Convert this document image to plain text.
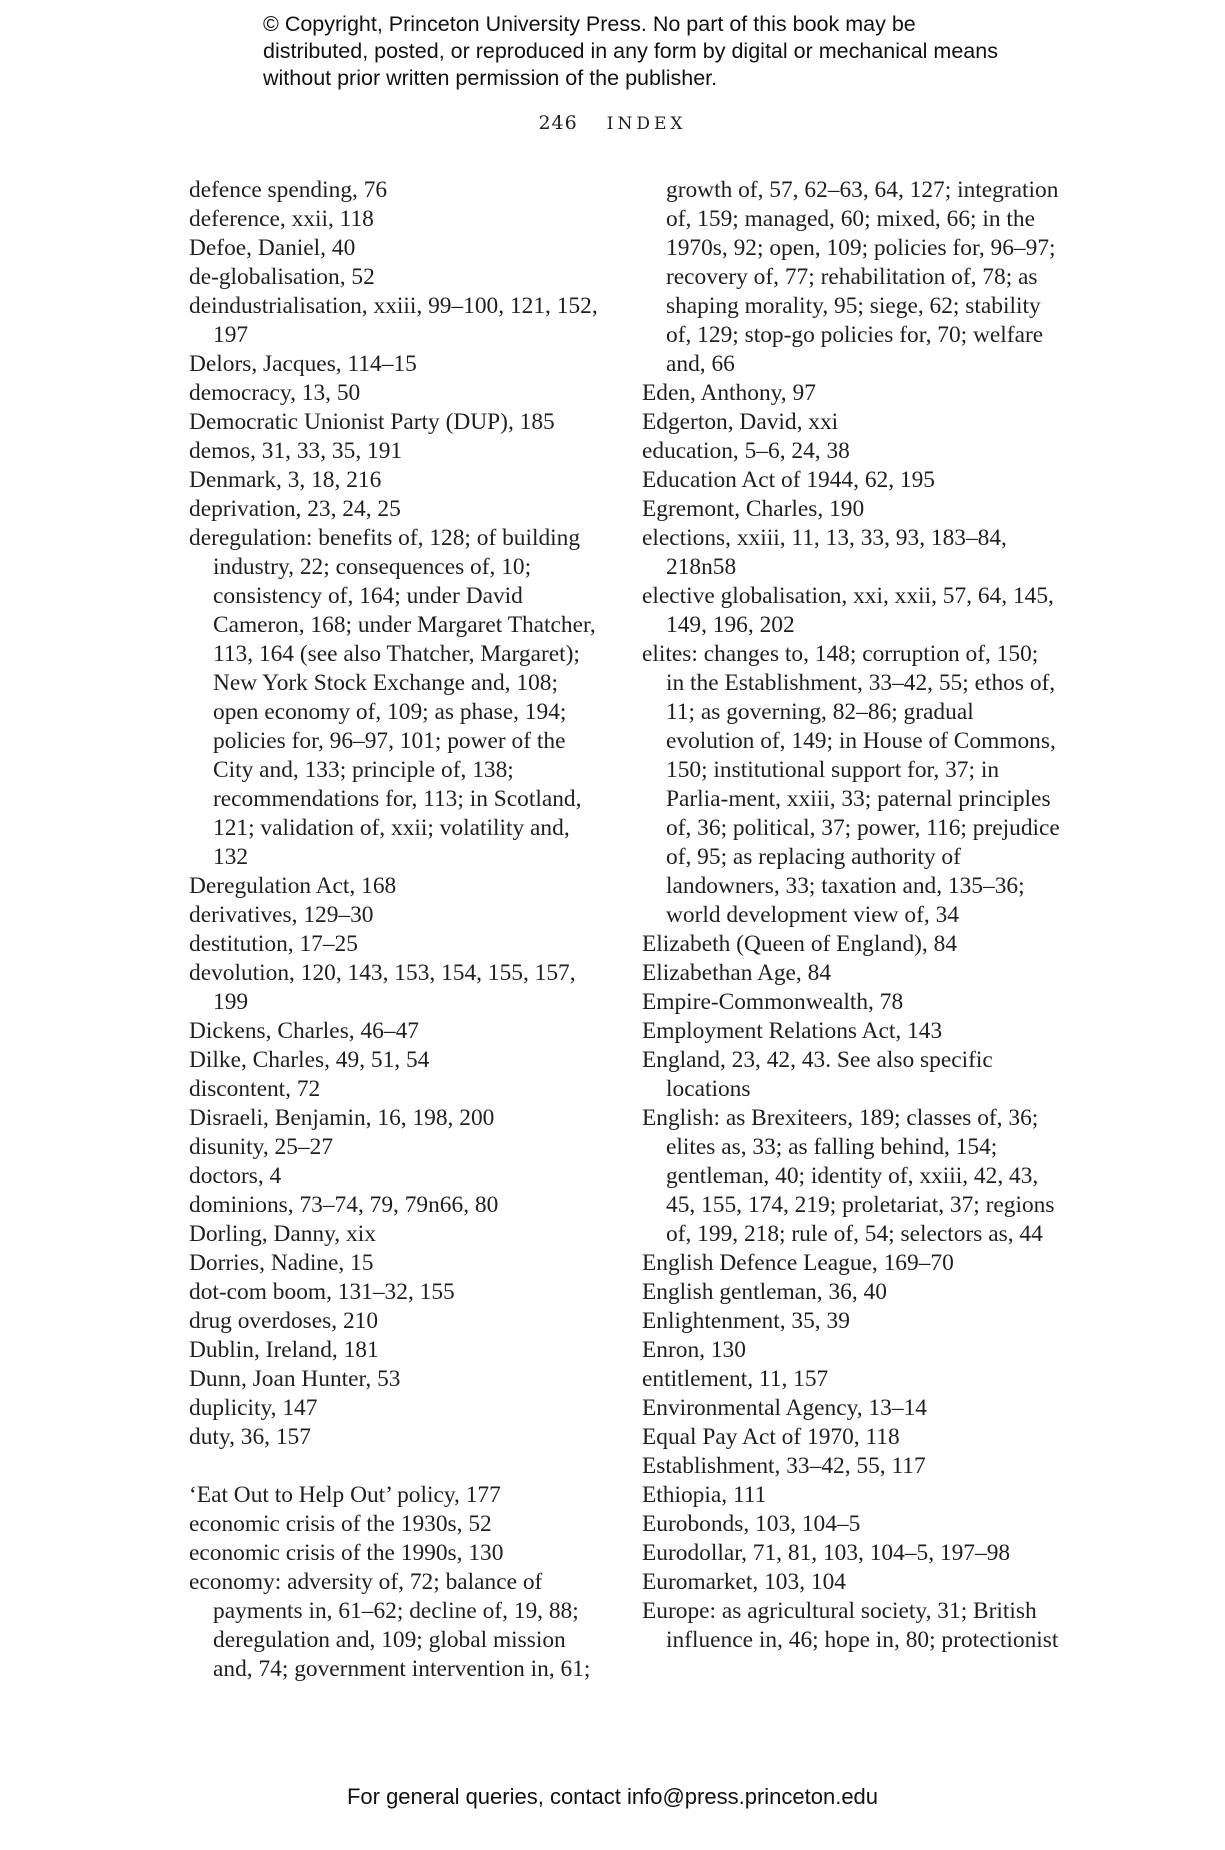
© Copyright, Princeton University Press. No part of this book may be distributed, posted, or reproduced in any form by digital or mechanical means without prior written permission of the publisher.
246 INDEX

defence spending, 76

deference, xxii, 118

Defoe, Daniel, 40

de-globalisation, 52

deindustrialisation, xxiii, 99–100, 121, 152, 197

Delors, Jacques, 114–15

democracy, 13, 50

Democratic Unionist Party (DUP), 185

demos, 31, 33, 35, 191

Denmark, 3, 18, 216

deprivation, 23, 24, 25

deregulation: benefits of, 128; of building industry, 22; consequences of, 10; consistency of, 164; under David Cameron, 168; under Margaret Thatcher, 113, 164 (see also Thatcher, Margaret); New York Stock Exchange and, 108; open economy of, 109; as phase, 194; policies for, 96–97, 101; power of the City and, 133; principle of, 138; recommendations for, 113; in Scotland, 121; validation of, xxii; volatility and, 132

Deregulation Act, 168

derivatives, 129–30

destitution, 17–25

devolution, 120, 143, 153, 154, 155, 157, 199

Dickens, Charles, 46–47

Dilke, Charles, 49, 51, 54

discontent, 72

Disraeli, Benjamin, 16, 198, 200

disunity, 25–27

doctors, 4

dominions, 73–74, 79, 79n66, 80

Dorling, Danny, xix

Dorries, Nadine, 15

dot-com boom, 131–32, 155

drug overdoses, 210

Dublin, Ireland, 181

Dunn, Joan Hunter, 53

duplicity, 147

duty, 36, 157

‘Eat Out to Help Out’ policy, 177

economic crisis of the 1930s, 52

economic crisis of the 1990s, 130

economy: adversity of, 72; balance of payments in, 61–62; decline of, 19, 88; deregulation and, 109; global mission and, 74; government intervention in, 61;

growth of, 57, 62–63, 64, 127; integration of, 159; managed, 60; mixed, 66; in the 1970s, 92; open, 109; policies for, 96–97; recovery of, 77; rehabilitation of, 78; as shaping morality, 95; siege, 62; stability of, 129; stop-go policies for, 70; welfare and, 66

Eden, Anthony, 97

Edgerton, David, xxi

education, 5–6, 24, 38

Education Act of 1944, 62, 195

Egremont, Charles, 190

elections, xxiii, 11, 13, 33, 93, 183–84, 218n58

elective globalisation, xxi, xxii, 57, 64, 145, 149, 196, 202

elites: changes to, 148; corruption of, 150; in the Establishment, 33–42, 55; ethos of, 11; as governing, 82–86; gradual evolution of, 149; in House of Commons, 150; institutional support for, 37; in Parlia-ment, xxiii, 33; paternal principles of, 36; political, 37; power, 116; prejudice of, 95; as replacing authority of landowners, 33; taxation and, 135–36; world development view of, 34

Elizabeth (Queen of England), 84

Elizabethan Age, 84

Empire-Commonwealth, 78

Employment Relations Act, 143

England, 23, 42, 43. See also specific locations

English: as Brexiteers, 189; classes of, 36; elites as, 33; as falling behind, 154; gentleman, 40; identity of, xxiii, 42, 43, 45, 155, 174, 219; proletariat, 37; regions of, 199, 218; rule of, 54; selectors as, 44

English Defence League, 169–70

English gentleman, 36, 40

Enlightenment, 35, 39

Enron, 130

entitlement, 11, 157

Environmental Agency, 13–14

Equal Pay Act of 1970, 118

Establishment, 33–42, 55, 117

Ethiopia, 111

Eurobonds, 103, 104–5

Eurodollar, 71, 81, 103, 104–5, 197–98

Euromarket, 103, 104

Europe: as agricultural society, 31; British influence in, 46; hope in, 80; protectionist

For general queries, contact info@press.princeton.edu
